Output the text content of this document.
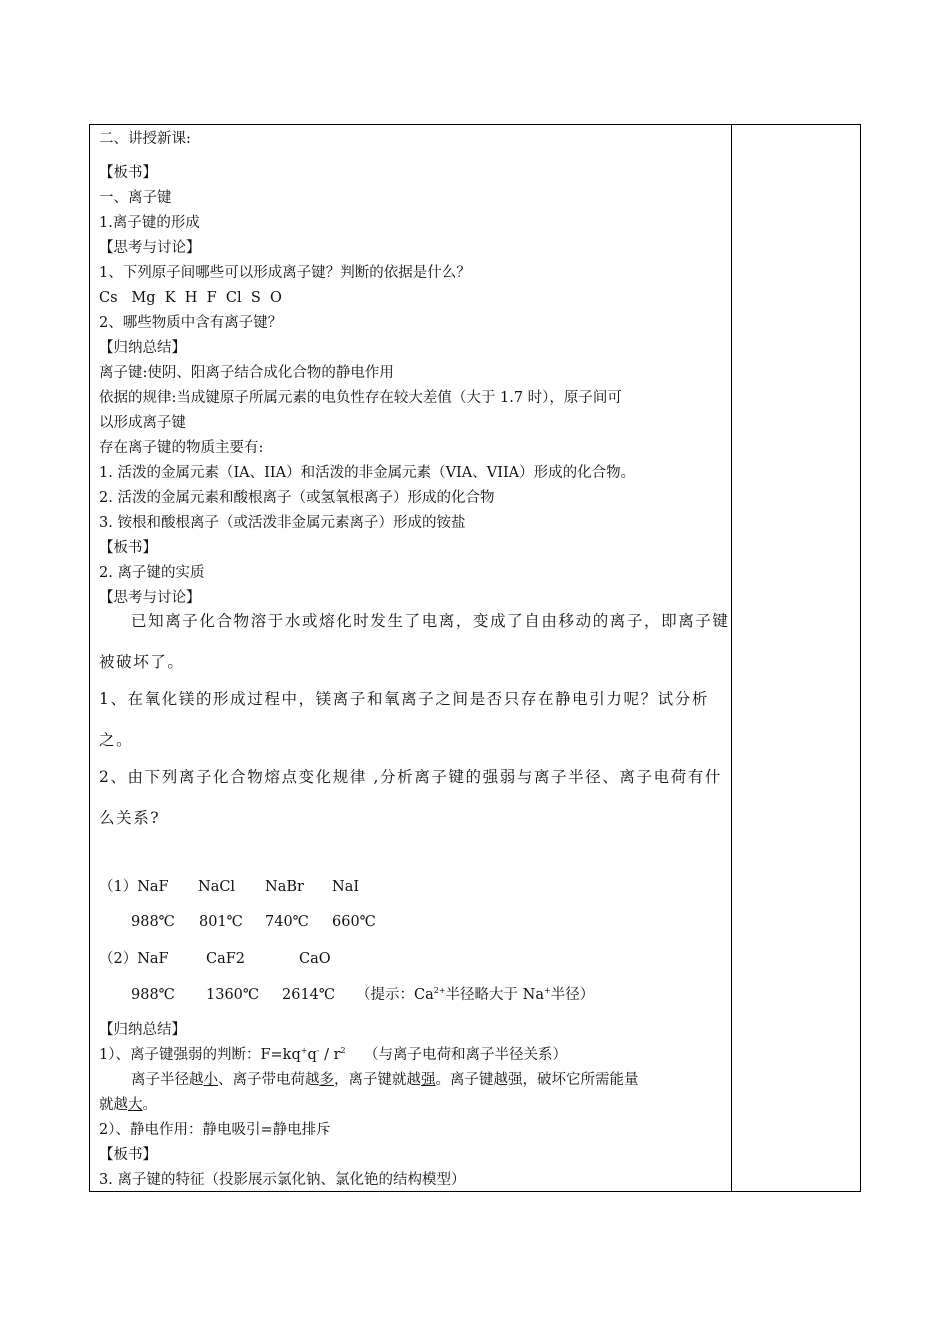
二、讲授新课:
【板书】
一、离子键
1.离子键的形成
【思考与讨论】
1、下列原子间哪些可以形成离子键？判断的依据是什么？
Cs   Mg  K  H  F  Cl  S  O
2、哪些物质中含有离子键？
【归纳总结】
离子键:使阴、阳离子结合成化合物的静电作用
依据的规律:当成键原子所属元素的电负性存在较大差值（大于 1.7 时），原子间可
以形成离子键
存在离子键的物质主要有:
1. 活泼的金属元素（IA、IIA）和活泼的非金属元素（VIA、VIIA）形成的化合物。
2. 活泼的金属元素和酸根离子（或氢氧根离子）形成的化合物
3. 铵根和酸根离子（或活泼非金属元素离子）形成的铵盐
【板书】
2. 离子键的实质
【思考与讨论】
已知离子化合物溶于水或熔化时发生了电离，变成了自由移动的离子，即离子键
被破坏了。
1、在氧化镁的形成过程中，镁离子和氧离子之间是否只存在静电引力呢？试分析
之。
2、由下列离子化合物熔点变化规律 ,分析离子键的强弱与离子半径、离子电荷有什
么关系?
（1）NaF NaCl NaBr NaI
988℃ 801℃ 740℃ 660℃
（2）NaF	CaF2	CaO
988℃ 1360℃ 2614℃ （提示：$Ca^{2+}$半径略大于 Na+半径）
【归纳总结】
1）、离子键强弱的判断：$F=kq^+q^- / r^2$    （与离子电荷和离子半径关系）
离子半径越小、离子带电荷越多，离子键就越强。离子键越强，破坏它所需能量
就越大。
2）、静电作用：静电吸引=静电排斥
【板书】
3. 离子键的特征（投影展示氯化钠、氯化铯的结构模型）
